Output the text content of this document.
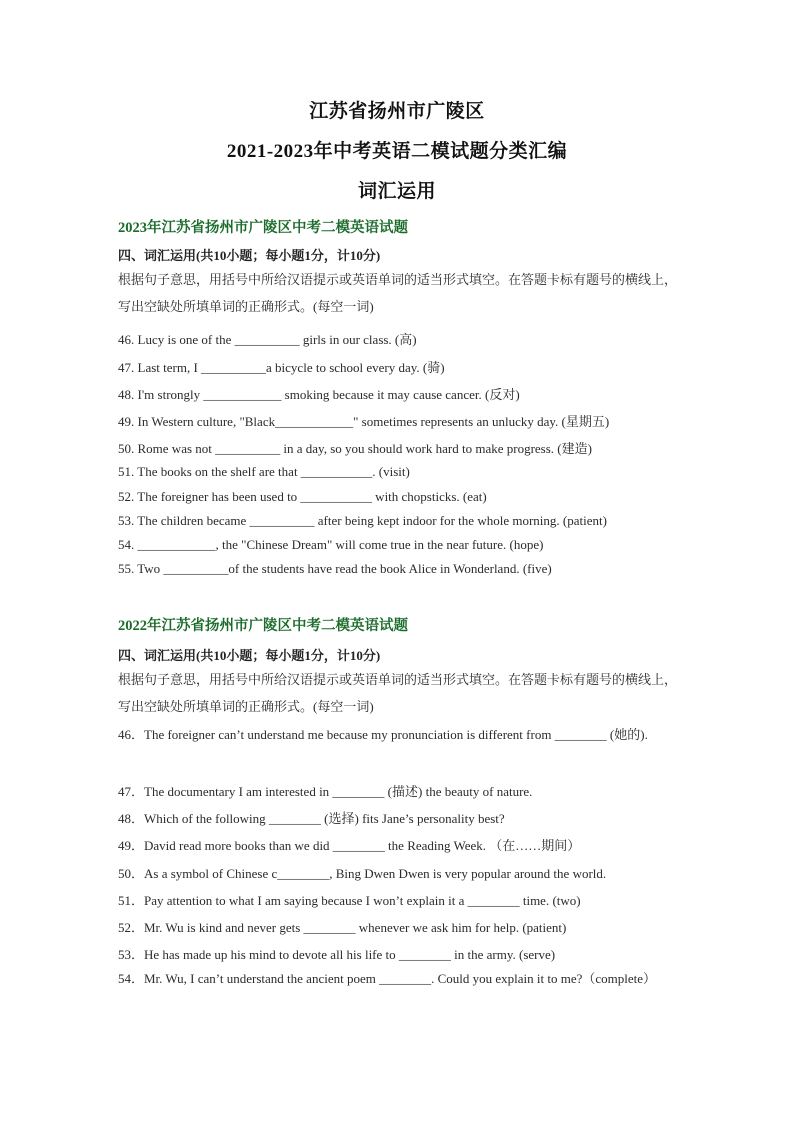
江苏省扬州市广陵区
2021-2023年中考英语二模试题分类汇编
词汇运用
2023年江苏省扬州市广陵区中考二模英语试题
四、词汇运用(共10小题；每小题1分，计10分)
根据句子意思，用括号中所给汉语提示或英语单词的适当形式填空。在答题卡标有题号的横线上，写出空缺处所填单词的正确形式。(每空一词)
46. Lucy is one of the __________ girls in our class. (高)
47. Last term, I __________a bicycle to school every day. (骑)
48. I'm strongly ____________ smoking because it may cause cancer. (反对)
49. In Western culture, "Black____________" sometimes represents an unlucky day. (星期五)
50. Rome was not __________ in a day, so you should work hard to make progress. (建造)
51. The books on the shelf are that ___________. (visit)
52. The foreigner has been used to ___________ with chopsticks. (eat)
53. The children became __________ after being kept indoor for the whole morning. (patient)
54. ____________, the "Chinese Dream" will come true in the near future. (hope)
55. Two __________of the students have read the book Alice in Wonderland. (five)
2022年江苏省扬州市广陵区中考二模英语试题
四、词汇运用(共10小题；每小题1分，计10分)
根据句子意思，用括号中所给汉语提示或英语单词的适当形式填空。在答题卡标有题号的横线上，写出空缺处所填单词的正确形式。(每空一词)
46．The foreigner can’t understand me because my pronunciation is different from ________ (她的).
47．The documentary I am interested in ________ (描述) the beauty of nature.
48．Which of the following ________ (选择) fits Jane’s personality best?
49．David read more books than we did ________ the Reading Week. （在……期间）
50．As a symbol of Chinese c________, Bing Dwen Dwen is very popular around the world.
51．Pay attention to what I am saying because I won’t explain it a ________ time. (two)
52．Mr. Wu is kind and never gets ________ whenever we ask him for help. (patient)
53．He has made up his mind to devote all his life to ________ in the army. (serve)
54．Mr. Wu, I can’t understand the ancient poem ________. Could you explain it to me?（complete）
